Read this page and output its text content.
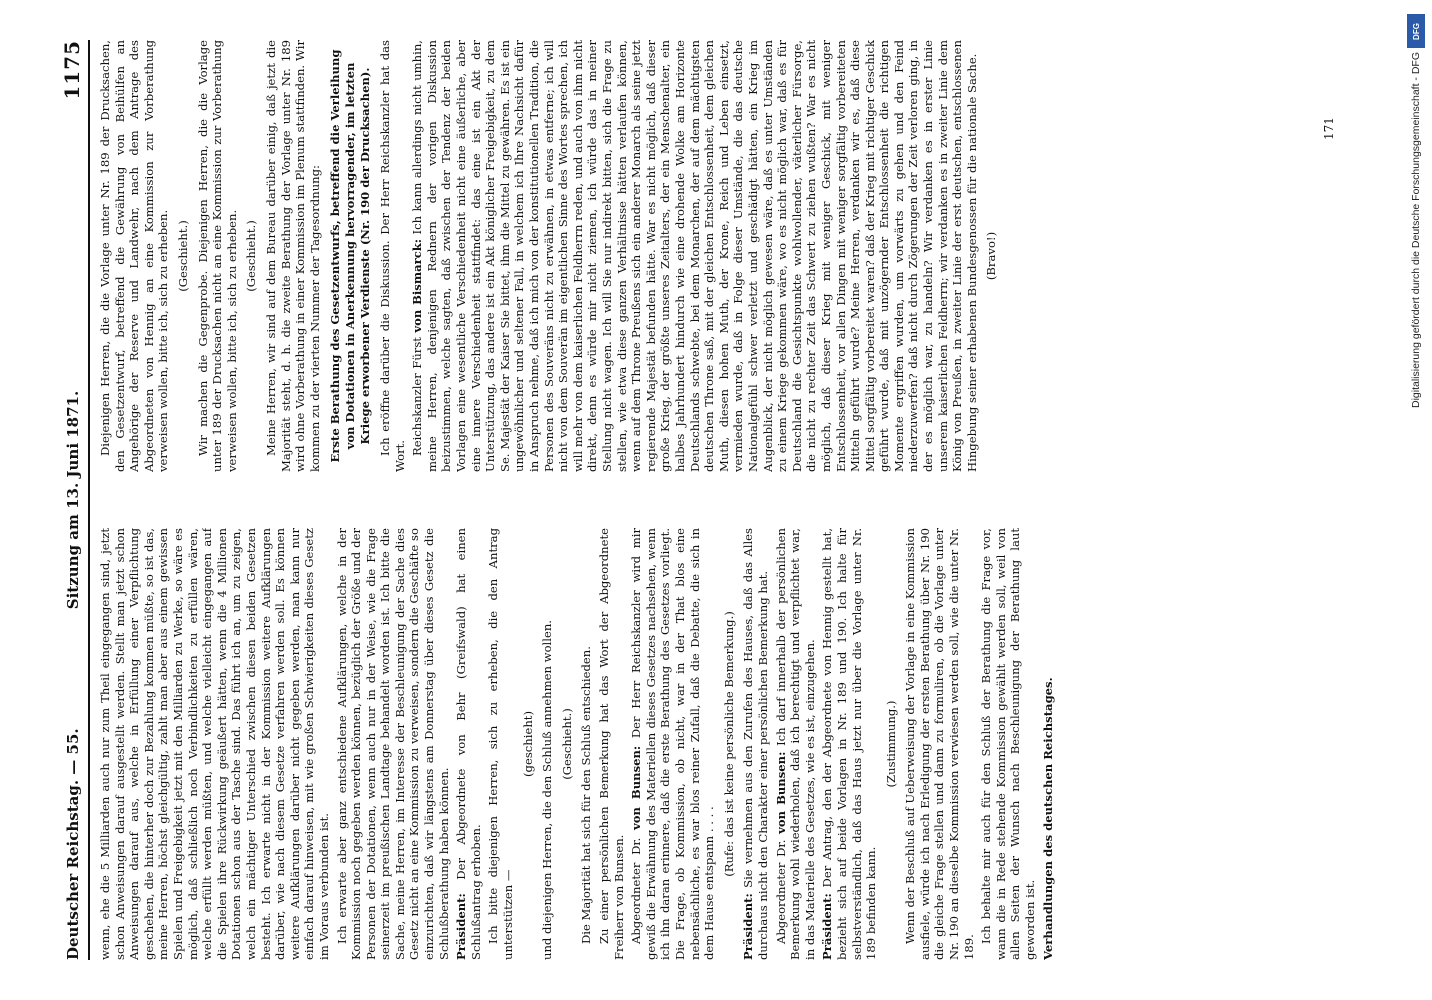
Deutscher Reichstag. — 55.
Sitzung am 13. Juni 1871.
1175

wenn, ehe die 5 Milliarden auch nur zum Theil eingegangen sind, jetzt schon Anweisungen darauf ausgestellt werden. Stellt man jetzt schon Anweisungen darauf aus, welche in Erfüllung einer Verpflichtung geschehen, die hinterher doch zur Bezahlung kommen müßte, so ist das, meine Herren, höchst gleichgültig, zahlt man aber aus einem gewissen Spielen und Freigebigkeit jetzt mit den Milliarden zu Werke, so wäre es möglich, daß schließlich noch Verbindlichkeiten zu erfüllen wären, welche erfüllt werden müßten, und welche vielleicht eingegangen auf die Spielen ihre Rückwirkung geäußert hätten, wenn die 4 Millionen Dotationen schon aus der Tasche sind. Das führt ich an, um zu zeigen, welch ein mächtiger Unterschied zwischen diesen beiden Gesetzen besteht. Ich erwarte nicht in der Kommission weitere Aufklärungen darüber, wie nach diesem Gesetze verfahren werden soll. Es können weitere Aufklärungen darüber nicht gegeben werden, man kann nur einfach darauf hinweisen, mit wie großen Schwierigkeiten dieses Gesetz im Voraus verbunden ist. Ich erwarte aber ganz entschiedene Aufklärungen, welche in der Kommission noch gegeben werden können, bezüglich der Größe und der Personen der Dotationen, wenn auch nur in der Weise, wie die Frage seinerzeit im preußischen Landtage behandelt worden ist. Ich bitte die Sache, meine Herren, im Interesse der Beschleunigung der Sache dies Gesetz nicht an eine Kommission zu verweisen, sondern die Geschäfte so einzurichten, daß wir längstens am Donnerstag über dieses Gesetz die Schlußberathung haben können. Präsident: Der Abgeordnete von Behr (Greifswald) hat einen Schlußantrag erhoben. Ich bitte diejenigen Herren, sich zu erheben, die den Antrag unterstützen —

(geschieht) und diejenigen Herren, die den Schluß annehmen wollen. (Geschieht.) Die Majorität hat sich für den Schluß entschieden. Zu einer persönlichen Bemerkung hat das Wort der Abgeordnete Freiherr von Bunsen. Abgeordneter Dr. von Bunsen: Der Herr Reichskanzler wird mir gewiß die Erwähnung des Materiellen dieses Gesetzes nachsehen, wenn ich ihn daran erinnere, daß die erste Berathung des Gesetzes vorliegt. Die Frage, ob Kommission, ob nicht, war in der That blos eine nebensächliche, es war blos reiner Zufall, daß die Debatte, die sich in dem Hause entspann . . . .

(Rufe: das ist keine persönliche Bemerkung.)

Präsident: Sie vernehmen aus den Zurufen des Hauses, daß das Alles durchaus nicht den Charakter einer persönlichen Bemerkung hat. Abgeordneter Dr. von Bunsen: Ich darf innerhalb der persönlichen Bemerkung wohl wiederholen, daß ich berechtigt und verpflichtet war, in das Materielle des Gesetzes, wie es ist, einzugehen. Präsident: Der Antrag, den der Abgeordnete von Hennig gestellt hat, bezieht sich auf beide Vorlagen in Nr. 189 und 190. Ich halte für selbstverständlich, daß das Haus jetzt nur über die Vorlage unter Nr. 189 befinden kann.

(Zustimmung.) Wenn der Beschluß auf Ueberweisung der Vorlage in eine Kommission ausfiele, würde ich nach Erledigung der ersten Berathung über Nr. 190 die gleiche Frage stellen und dann zu formuliren, ob die Vorlage unter Nr. 190 an dieselbe Kommission verwiesen werden soll, wie die unter Nr. 189.

Ich behalte mir auch für den Schluß der Berathung die Frage vor, wann die in Rede stehende Kommission gewählt werden soll, weil von allen Seiten der Wunsch nach Beschleunigung der Berathung laut geworden ist. Verhandlungen des deutschen Reichstages.

Diejenigen Herren, die die Vorlage unter Nr. 189 der Drucksachen, den Gesetzentwurf, betreffend die Gewährung von Beihülfen an Angehörige der Reserve und Landwehr, nach dem Antrage des Abgeordneten von Hennig an eine Kommission zur Vorberathung verweisen wollen, bitte ich, sich zu erheben. (Geschieht.) Wir machen die Gegenprobe. Diejenigen Herren, die die Vorlage unter 189 der Drucksachen nicht an eine Kommission zur Vorberathung verweisen wollen, bitte ich, sich zu erheben. (Geschieht.) Meine Herren, wir sind auf dem Bureau darüber einig, daß jetzt die Majorität steht, d. h. die zweite Berathung der Vorlage unter Nr. 189 wird ohne Vorberathung in einer Kommission im Plenum stattfinden. Wir kommen zu der vierten Nummer der Tagesordnung: Erste Berathung des Gesetzentwurfs, betreffend die Verleihung von Dotationen in Anerkennung hervorragender, im letzten Kriege erworbener Verdienste (Nr. 190 der Drucksachen). Ich eröffne darüber die Diskussion. Der Herr Reichskanzler hat das Wort. Reichskanzler Fürst von Bismarck: Ich kann allerdings nicht umhin, meine Herren, denjenigen Rednern der vorigen Diskussion beizustimmen, welche sagten, daß zwischen der Tendenz der beiden Vorlagen eine wesentliche Verschiedenheit nicht eine äußerliche, aber eine innere Verschiedenheit stattfindet: das eine ist ein Akt der Unterstützung, das andere ist ein Akt königlicher Freigebigkeit, zu dem Se. Majestät der Kaiser Sie bittet, ihm die Mittel zu gewähren. Es ist ein ungewöhnlicher und seltener Fall, in welchem ich Ihre Nachsicht dafür in Anspruch nehme, daß ich mich von der konstitutionellen Tradition, die Personen des Souveräns nicht zu erwähnen, in etwas entferne; ich will nicht von dem Souverän im eigentlichen Sinne des Wortes sprechen, ich will mehr von dem kaiserlichen Feldherrn reden, und auch von ihm nicht direkt, denn es würde mir nicht ziemen, ich würde das in meiner Stellung nicht wagen. Ich will Sie nur indirekt bitten, sich die Frage zu stellen, wie etwa diese ganzen Verhältnisse hätten verlaufen können, wenn auf dem Throne Preußens sich ein anderer Monarch als seine jetzt regierende Majestät befunden hätte. War es nicht möglich, daß dieser große Krieg, der größte unseres Zeitalters, der ein Menschenalter, ein halbes Jahrhundert hindurch wie eine drohende Wolke am Horizonte Deutschlands schwebte, bei dem Monarchen, der auf dem mächtigsten deutschen Throne saß, mit der gleichen Entschlossenheit, dem gleichen Muth, diesen hohen Muth, der Krone, Reich und Leben einsetzt, vermieden wurde, daß in Folge dieser Umstände, die das deutsche Nationalgefühl schwer verletzt und geschädigt hätten, ein Krieg im Augenblick, der nicht möglich gewesen wäre, daß es unter Umständen zu einem Kriege gekommen wäre, wo es nicht möglich war, daß es für Deutschland die Gesichtspunkte wohlwollender, väterlicher Fürsorge, die nicht zu rechter Zeit das Schwert zu ziehen wußten? War es nicht möglich, daß dieser Krieg mit weniger Geschick, mit weniger Entschlossenheit, vor allen Dingen mit weniger sorgfältig vorbereiteten Mitteln geführt wurde? Meine Herren, verdanken wir es, daß diese Mittel sorgfältig vorbereitet waren? daß der Krieg mit richtiger Geschick geführt wurde, daß mit unzögernder Entschlossenheit die richtigen Momente ergriffen wurden, um vorwärts zu gehen und den Feind niederzuwerfen? daß nicht durch Zögerungen der Zeit verloren ging, in der es möglich war, zu handeln? Wir verdanken es in erster Linie unserem kaiserlichen Feldherrn; wir verdanken es in zweiter Linie dem König von Preußen, in zweiter Linie der erst deutschen, entschlossenen Hingebung seiner erhabenen Bundesgenossen für die nationale Sache. (Bravo!)

171	Digitalisierung gefördert durch die Deutsche Forschungsgemeinschaft - DFG
DFG
